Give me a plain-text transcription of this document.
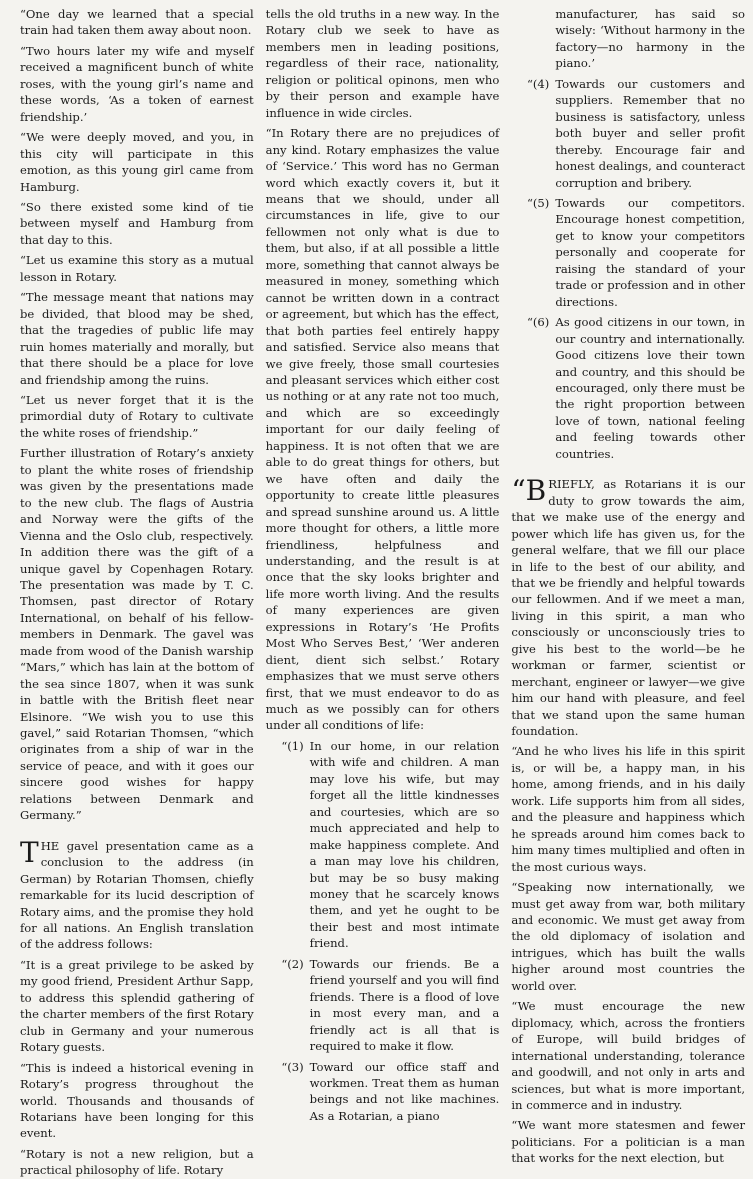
“One day we learned that a special train had taken them away about noon.

“Two hours later my wife and myself received a magnificent bunch of white roses, with the young girl’s name and these words, ‘As a token of earnest friendship.’

“We were deeply moved, and you, in this city will participate in this emotion, as this young girl came from Hamburg.

“So there existed some kind of tie between myself and Hamburg from that day to this.

“Let us examine this story as a mutual lesson in Rotary.

“The message meant that nations may be divided, that blood may be shed, that the tragedies of public life may ruin homes materially and morally, but that there should be a place for love and friendship among the ruins.

“Let us never forget that it is the primordial duty of Rotary to cultivate the white roses of friendship.”

Further illustration of Rotary’s anxiety to plant the white roses of friendship was given by the presentations made to the new club. The flags of Austria and Norway were the gifts of the Vienna and the Oslo club, respectively. In addition there was the gift of a unique gavel by Copenhagen Rotary. The presentation was made by T. C. Thomsen, past director of Rotary International, on behalf of his fellow-members in Denmark. The gavel was made from wood of the Danish warship “Mars,” which has lain at the bottom of the sea since 1807, when it was sunk in battle with the British fleet near Elsinore. “We wish you to use this gavel,” said Rotarian Thomsen, “which originates from a ship of war in the service of peace, and with it goes our sincere good wishes for happy relations between Denmark and Germany.”

T HE gavel presentation came as a conclusion to the address (in German) by Rotarian Thomsen, chiefly remarkable for its lucid description of Rotary aims, and the promise they hold for all nations. An English translation of the address follows:

“It is a great privilege to be asked by my good friend, President Arthur Sapp, to address this splendid gathering of the charter members of the first Rotary club in Germany and your numerous Rotary guests.

“This is indeed a historical evening in Rotary’s progress throughout the world. Thousands and thousands of Rotarians have been longing for this event.

“Rotary is not a new religion, but a practical philosophy of life. Rotary

tells the old truths in a new way. In the Rotary club we seek to have as members men in leading positions, regardless of their race, nationality, religion or political opinons, men who by their person and example have influence in wide circles.

“In Rotary there are no prejudices of any kind. Rotary emphasizes the value of ‘Service.’ This word has no German word which exactly covers it, but it means that we should, under all circumstances in life, give to our fellowmen not only what is due to them, but also, if at all possible a little more, something that cannot always be measured in money, something which cannot be written down in a contract or agreement, but which has the effect, that both parties feel entirely happy and satisfied. Service also means that we give freely, those small courtesies and pleasant services which either cost us nothing or at any rate not too much, and which are so exceedingly important for our daily feeling of happiness. It is not often that we are able to do great things for others, but we have often and daily the opportunity to create little pleasures and spread sunshine around us. A little more thought for others, a little more friendliness, helpfulness and understanding, and the result is at once that the sky looks brighter and life more worth living. And the results of many experiences are given expressions in Rotary’s ‘He Profits Most Who Serves Best,’ ‘Wer anderen dient, dient sich selbst.’ Rotary emphasizes that we must serve others first, that we must endeavor to do as much as we possibly can for others under all conditions of life:

“(1) In our home, in our relation with wife and children. A man may love his wife, but may forget all the little kindnesses and courtesies, which are so much appreciated and help to make happiness complete. And a man may love his children, but may be so busy making money that he scarcely knows them, and yet he ought to be their best and most intimate friend.
“(2) Towards our friends. Be a friend yourself and you will find friends. There is a flood of love in most every man, and a friendly act is all that is required to make it flow.
“(3) Toward our office staff and workmen. Treat them as human beings and not like machines. As a Rotarian, a piano

manufacturer, has said so wisely: ‘Without harmony in the factory—no harmony in the piano.’

“(4) Towards our customers and suppliers. Remember that no business is satisfactory, unless both buyer and seller profit thereby. Encourage fair and honest dealings, and counteract corruption and bribery.
“(5) Towards our competitors. Encourage honest competition, get to know your competitors personally and cooperate for raising the standard of your trade or profession and in other directions.
“(6) As good citizens in our town, in our country and internationally. Good citizens love their town and country, and this should be encouraged, only there must be the right proportion between love of town, national feeling and feeling towards other countries.

“B RIEFLY, as Rotarians it is our duty to grow towards the aim, that we make use of the energy and power which life has given us, for the general welfare, that we fill our place in life to the best of our ability, and that we be friendly and helpful towards our fellowmen. And if we meet a man, living in this spirit, a man who consciously or unconsciously tries to give his best to the world—be he workman or farmer, scientist or merchant, engineer or lawyer—we give him our hand with pleasure, and feel that we stand upon the same human foundation.

“And he who lives his life in this spirit is, or will be, a happy man, in his home, among friends, and in his daily work. Life supports him from all sides, and the pleasure and happiness which he spreads around him comes back to him many times multiplied and often in the most curious ways.

“Speaking now internationally, we must get away from war, both military and economic. We must get away from the old diplomacy of isolation and intrigues, which has built the walls higher around most countries the world over.

“We must encourage the new diplomacy, which, across the frontiers of Europe, will build bridges of international understanding, tolerance and goodwill, and not only in arts and sciences, but what is more important, in commerce and in industry.

“We want more statesmen and fewer politicians. For a politician is a man that works for the next election, but
